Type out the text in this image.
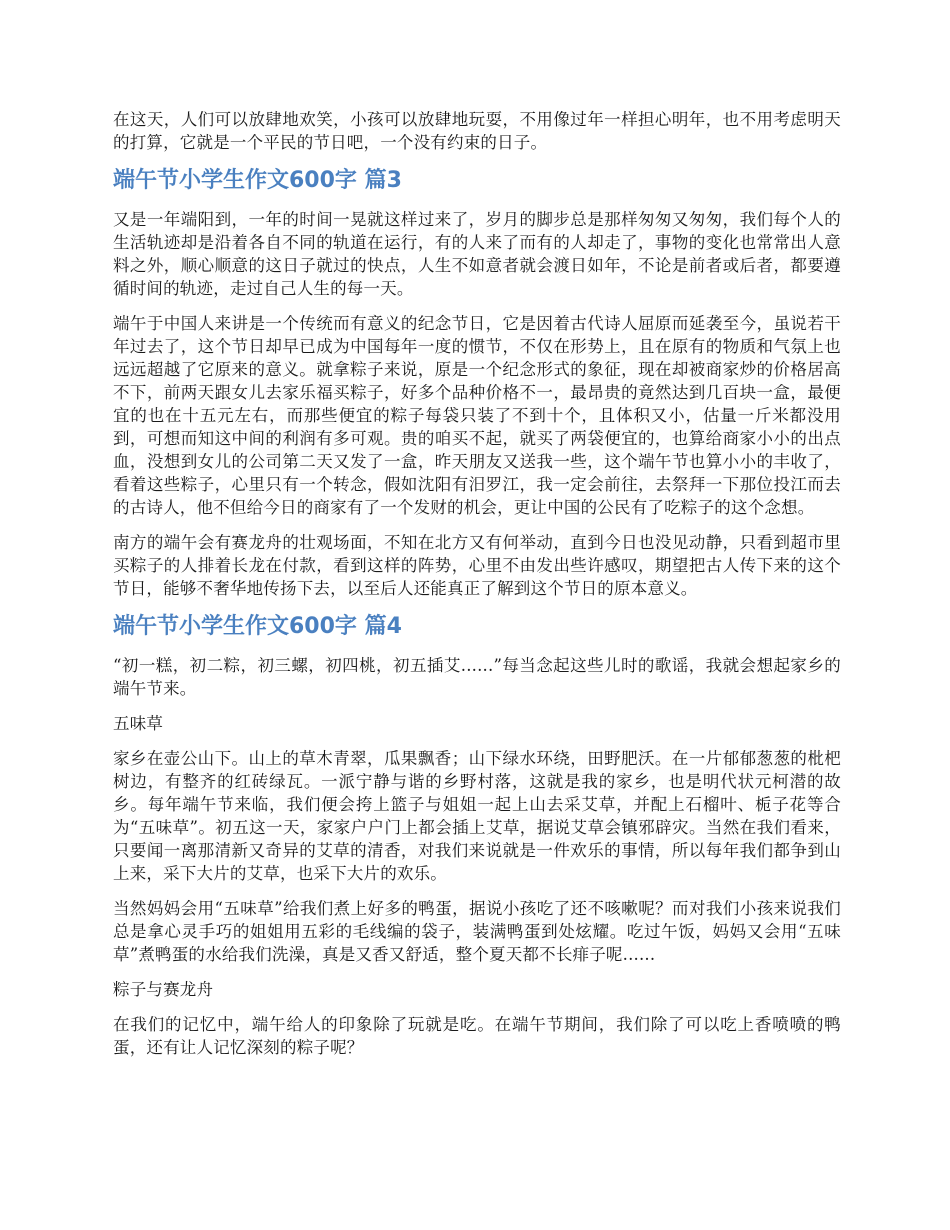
在这天，人们可以放肆地欢笑，小孩可以放肆地玩耍，不用像过年一样担心明年，也不用考虑明天的打算，它就是一个平民的节日吧，一个没有约束的日子。

端午节小学生作文600字 篇3

又是一年端阳到，一年的时间一晃就这样过来了，岁月的脚步总是那样匆匆又匆匆，我们每个人的生活轨迹却是沿着各自不同的轨道在运行，有的人来了而有的人却走了，事物的变化也常常出人意料之外，顺心顺意的这日子就过的快点，人生不如意者就会渡日如年，不论是前者或后者，都要遵循时间的轨迹，走过自己人生的每一天。

端午于中国人来讲是一个传统而有意义的纪念节日，它是因着古代诗人屈原而延袭至今，虽说若干年过去了，这个节日却早已成为中国每年一度的惯节，不仅在形势上，且在原有的物质和气氛上也远远超越了它原来的意义。就拿粽子来说，原是一个纪念形式的象征，现在却被商家炒的价格居高不下，前两天跟女儿去家乐福买粽子，好多个品种价格不一，最昂贵的竟然达到几百块一盒，最便宜的也在十五元左右，而那些便宜的粽子每袋只装了不到十个，且体积又小，估量一斤米都没用到，可想而知这中间的利润有多可观。贵的咱买不起，就买了两袋便宜的，也算给商家小小的出点血，没想到女儿的公司第二天又发了一盒，昨天朋友又送我一些，这个端午节也算小小的丰收了，看着这些粽子，心里只有一个转念，假如沈阳有汨罗江，我一定会前往，去祭拜一下那位投江而去的古诗人，他不但给今日的商家有了一个发财的机会，更让中国的公民有了吃粽子的这个念想。

南方的端午会有赛龙舟的壮观场面，不知在北方又有何举动，直到今日也没见动静，只看到超市里买粽子的人排着长龙在付款，看到这样的阵势，心里不由发出些许感叹，期望把古人传下来的这个节日，能够不奢华地传扬下去，以至后人还能真正了解到这个节日的原本意义。

端午节小学生作文600字 篇4

“初一糕，初二粽，初三螺，初四桃，初五插艾......”每当念起这些儿时的歌谣，我就会想起家乡的端午节来。

五味草

家乡在壶公山下。山上的草木青翠，瓜果飘香；山下绿水环绕，田野肥沃。在一片郁郁葱葱的枇杷树边，有整齐的红砖绿瓦。一派宁静与谐的乡野村落，这就是我的家乡，也是明代状元柯潜的故乡。每年端午节来临，我们便会挎上篮子与姐姐一起上山去采艾草，并配上石榴叶、栀子花等合为“五味草”。初五这一天，家家户户门上都会插上艾草，据说艾草会镇邪辟灾。当然在我们看来，只要闻一离那清新又奇异的艾草的清香，对我们来说就是一件欢乐的事情，所以每年我们都争到山上来，采下大片的艾草，也采下大片的欢乐。

当然妈妈会用“五味草”给我们煮上好多的鸭蛋，据说小孩吃了还不咳嗽呢？而对我们小孩来说我们总是拿心灵手巧的姐姐用五彩的毛线编的袋子，装满鸭蛋到处炫耀。吃过午饭，妈妈又会用“五味草”煮鸭蛋的水给我们洗澡，真是又香又舒适，整个夏天都不长痱子呢......

粽子与赛龙舟

在我们的记忆中，端午给人的印象除了玩就是吃。在端午节期间，我们除了可以吃上香喷喷的鸭蛋，还有让人记忆深刻的粽子呢？
